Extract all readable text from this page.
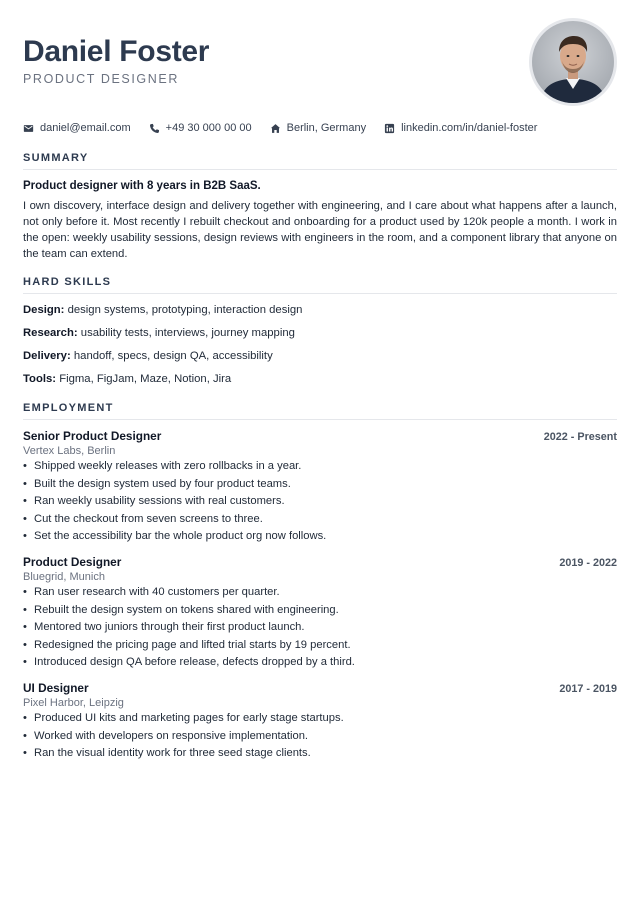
Daniel Foster
PRODUCT DESIGNER
daniel@email.com	+49 30 000 00 00	Berlin, Germany	linkedin.com/in/daniel-foster
SUMMARY
Product designer with 8 years in B2B SaaS.
I own discovery, interface design and delivery together with engineering, and I care about what happens after a launch, not only before it. Most recently I rebuilt checkout and onboarding for a product used by 120k people a month. I work in the open: weekly usability sessions, design reviews with engineers in the room, and a component library that anyone on the team can extend.
HARD SKILLS
Design: design systems, prototyping, interaction design
Research: usability tests, interviews, journey mapping
Delivery: handoff, specs, design QA, accessibility
Tools: Figma, FigJam, Maze, Notion, Jira
EMPLOYMENT
Senior Product Designer	2022 - Present
Vertex Labs, Berlin
• Shipped weekly releases with zero rollbacks in a year.
• Built the design system used by four product teams.
• Ran weekly usability sessions with real customers.
• Cut the checkout from seven screens to three.
• Set the accessibility bar the whole product org now follows.
Product Designer	2019 - 2022
Bluegrid, Munich
• Ran user research with 40 customers per quarter.
• Rebuilt the design system on tokens shared with engineering.
• Mentored two juniors through their first product launch.
• Redesigned the pricing page and lifted trial starts by 19 percent.
• Introduced design QA before release, defects dropped by a third.
UI Designer	2017 - 2019
Pixel Harbor, Leipzig
• Produced UI kits and marketing pages for early stage startups.
• Worked with developers on responsive implementation.
• Ran the visual identity work for three seed stage clients.
